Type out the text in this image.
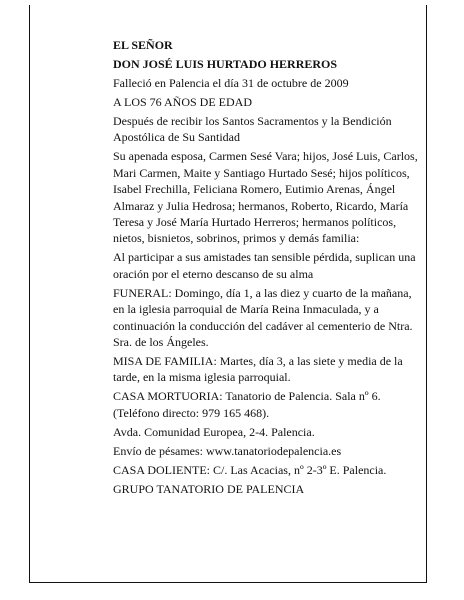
EL SEÑOR

DON JOSÉ LUIS HURTADO HERREROS

Falleció en Palencia el día 31 de octubre de 2009

A LOS 76 AÑOS DE EDAD

Después de recibir los Santos Sacramentos y la Bendición Apostólica de Su Santidad

Su apenada esposa, Carmen Sesé Vara; hijos, José Luis, Carlos, Mari Carmen, Maite y Santiago Hurtado Sesé; hijos políticos, Isabel Frechilla, Feliciana Romero, Eutimio Arenas, Ángel Almaraz y Julia Hedrosa; hermanos, Roberto, Ricardo, María Teresa y José María Hurtado Herreros; hermanos políticos, nietos, bisnietos, sobrinos, primos y demás familia:

Al participar a sus amistades tan sensible pérdida, suplican una oración por el eterno descanso de su alma

FUNERAL: Domingo, día 1, a las diez y cuarto de la mañana, en la iglesia parroquial de María Reina Inmaculada, y a continuación la conducción del cadáver al cementerio de Ntra. Sra. de los Ángeles.

MISA DE FAMILIA: Martes, día 3, a las siete y media de la tarde, en la misma iglesia parroquial.

CASA MORTUORIA: Tanatorio de Palencia. Sala nº 6. (Teléfono directo: 979 165 468).

Avda. Comunidad Europea, 2-4. Palencia.

Envío de pésames: www.tanatoriodepalencia.es

CASA DOLIENTE: C/. Las Acacias, nº 2-3º E. Palencia.

GRUPO TANATORIO DE PALENCIA
